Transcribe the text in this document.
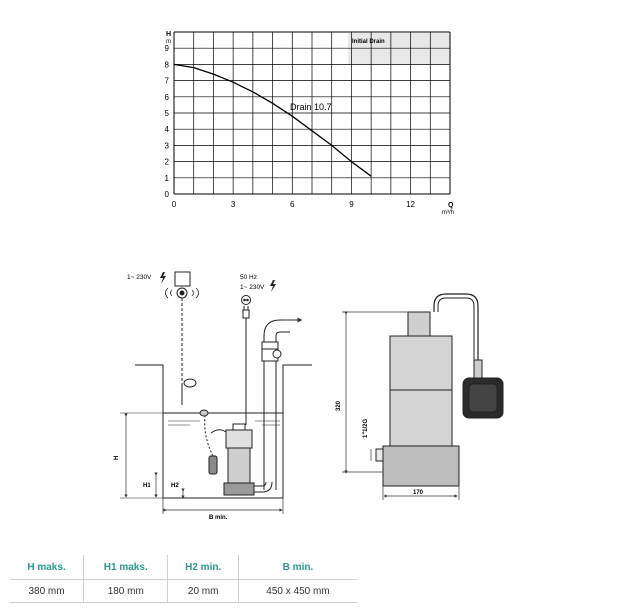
Initial Drain
0	3	6	9	12
0
1
2
3
4
5
6
7
8
9
Drain 10.7
H
m
Q
m³/h
1~ 230V	50 Hz
1~ 230V
H
H1	H2
B min.
320
1"1/2G
170
H maks.	H1 maks.	H2 min.	B min.
380 mm	180 mm	20 mm	450 x 450 mm
